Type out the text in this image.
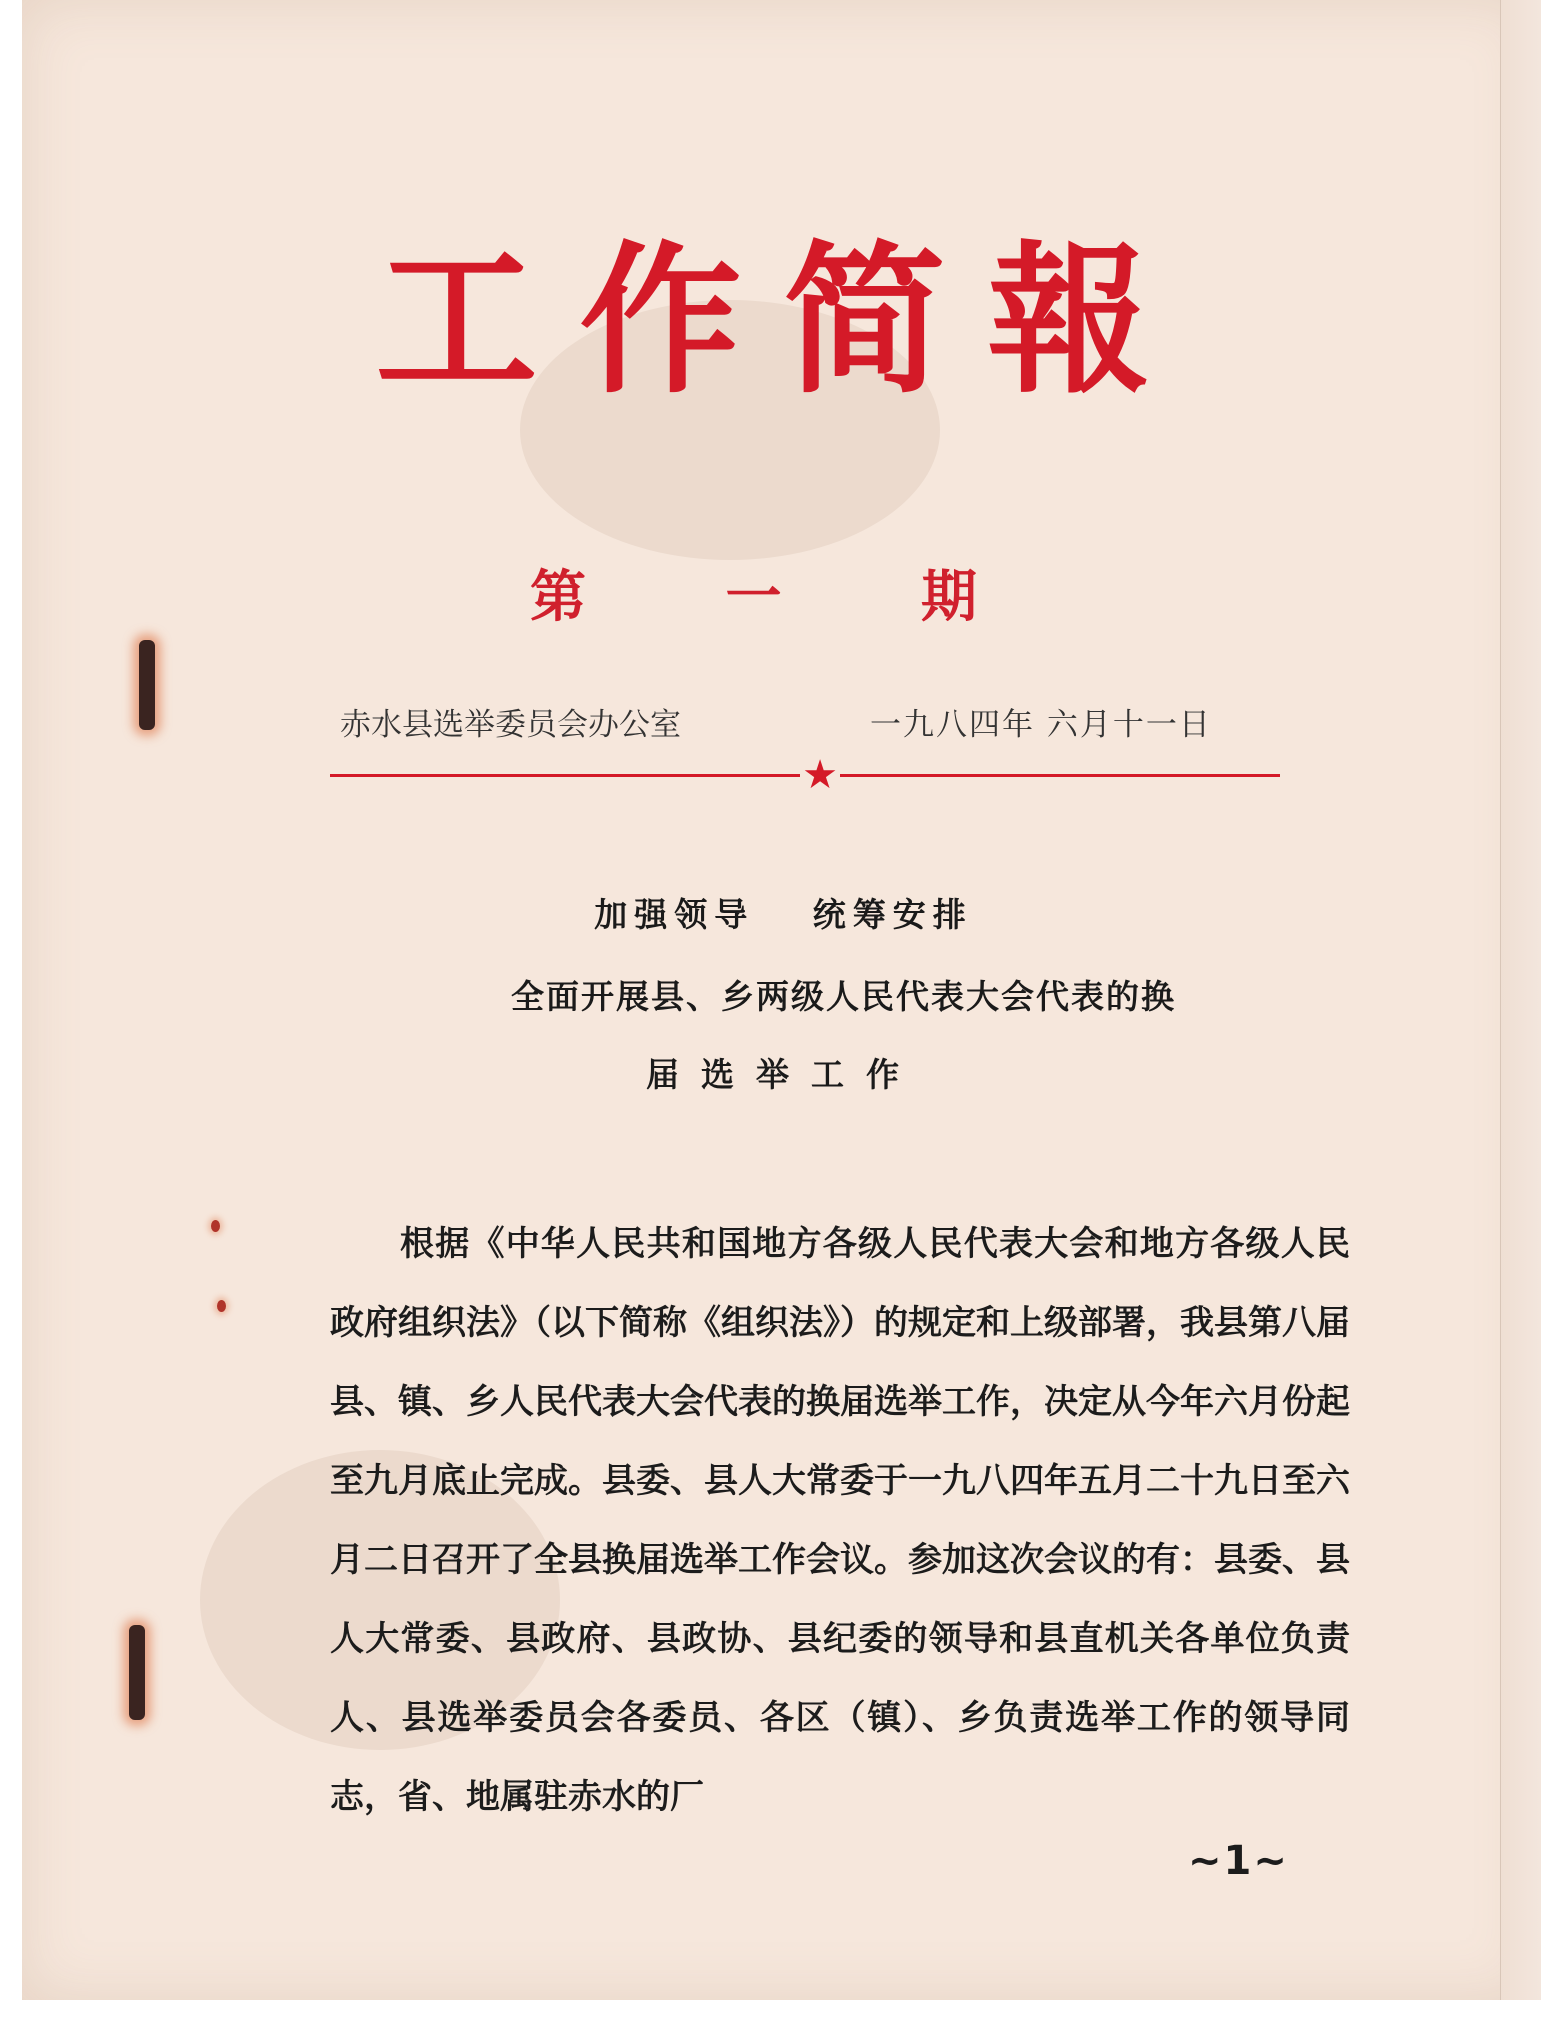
工作简報
第 一 期
赤水县选举委员会办公室	一九八四年 六月十一日
★
加强领导 统筹安排
全面开展县、乡两级人民代表大会代表的换
届选举工作

根据《中华人民共和国地方各级人民代表大会和地方各级人民政府组织法》（以下简称《组织法》）的规定和上级部署，我县第八届县、镇、乡人民代表大会代表的换届选举工作，决定从今年六月份起至九月底止完成。县委、县人大常委于一九八四年五月二十九日至六月二日召开了全县换届选举工作会议。参加这次会议的有：县委、县人大常委、县政府、县政协、县纪委的领导和县直机关各单位负责人、县选举委员会各委员、各区（镇）、乡负责选举工作的领导同志，省、地属驻赤水的厂

~1~
